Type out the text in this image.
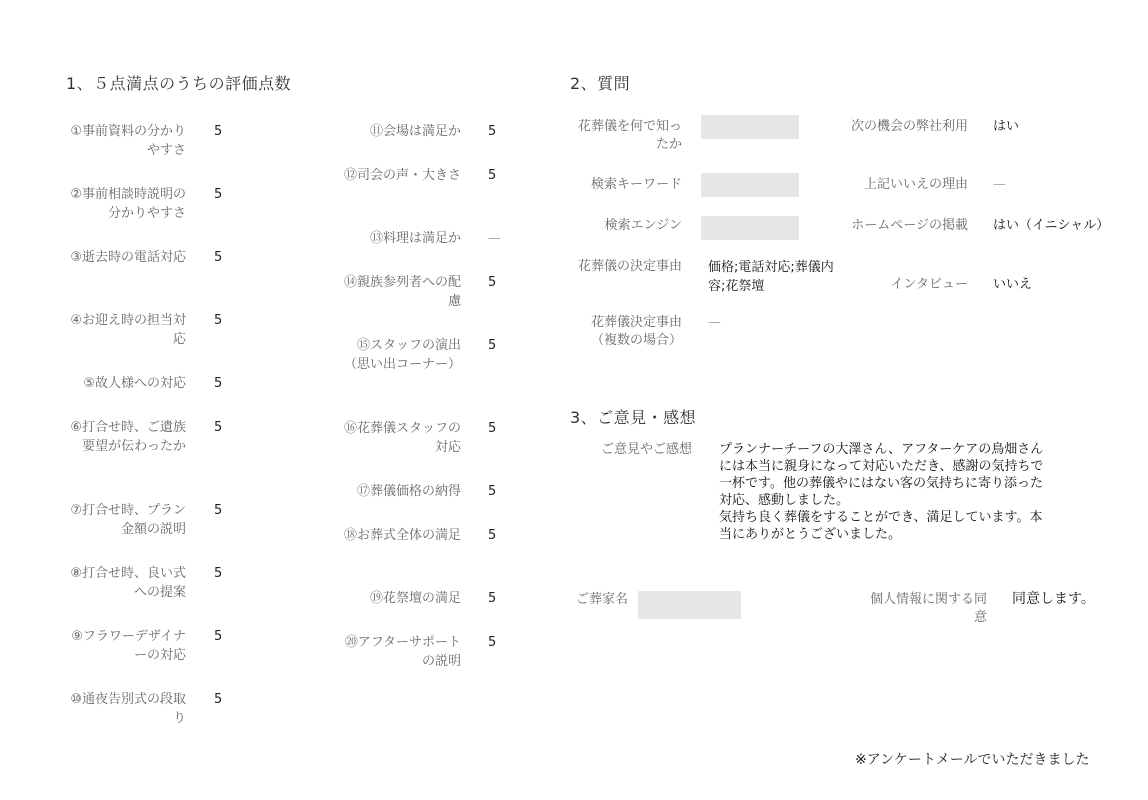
1、５点満点のうちの評価点数
①事前資料の分かりやすさ
5
②事前相談時説明の分かりやすさ
5
③逝去時の電話対応 5
④お迎え時の担当対応
5
⑤故人様への対応 5
⑥打合せ時、ご遺族要望が伝わったか
5
⑦打合せ時、プラン金額の説明
5
⑧打合せ時、良い式への提案
5
⑨フラワーデザイナーの対応
5
⑩通夜告別式の段取り
5
⑪会場は満足か 5
⑫司会の声・大きさ 5
⑬料理は満足か —
⑭親族参列者への配慮
5
⑮スタッフの演出（思い出コーナー）
5
⑯花葬儀スタッフの対応
5
⑰葬儀価格の納得 5
⑱お葬式全体の満足 5
⑲花祭壇の満足 5
⑳アフターサポートの説明
5
2、質問
花葬儀を何で知ったか
検索キーワード
検索エンジン
花葬儀の決定事由 価格;電話対応;葬儀内容;花祭壇
花葬儀決定事由（複数の場合）
—
次の機会の弊社利用 はい
上記いいえの理由 —
ホームページの掲載 はい（イニシャル）
インタビュー いいえ
3、ご意見・感想
ご意見やご感想 プランナーチーフの大澤さん、アフターケアの鳥畑さんには本当に親身になって対応いただき、感謝の気持ちで一杯です。他の葬儀やにはない客の気持ちに寄り添った対応、感動しました。
気持ち良く葬儀をすることができ、満足しています。本当にありがとうございました。
ご葬家名	個人情報に関する同意
同意します。
※アンケートメールでいただきました
